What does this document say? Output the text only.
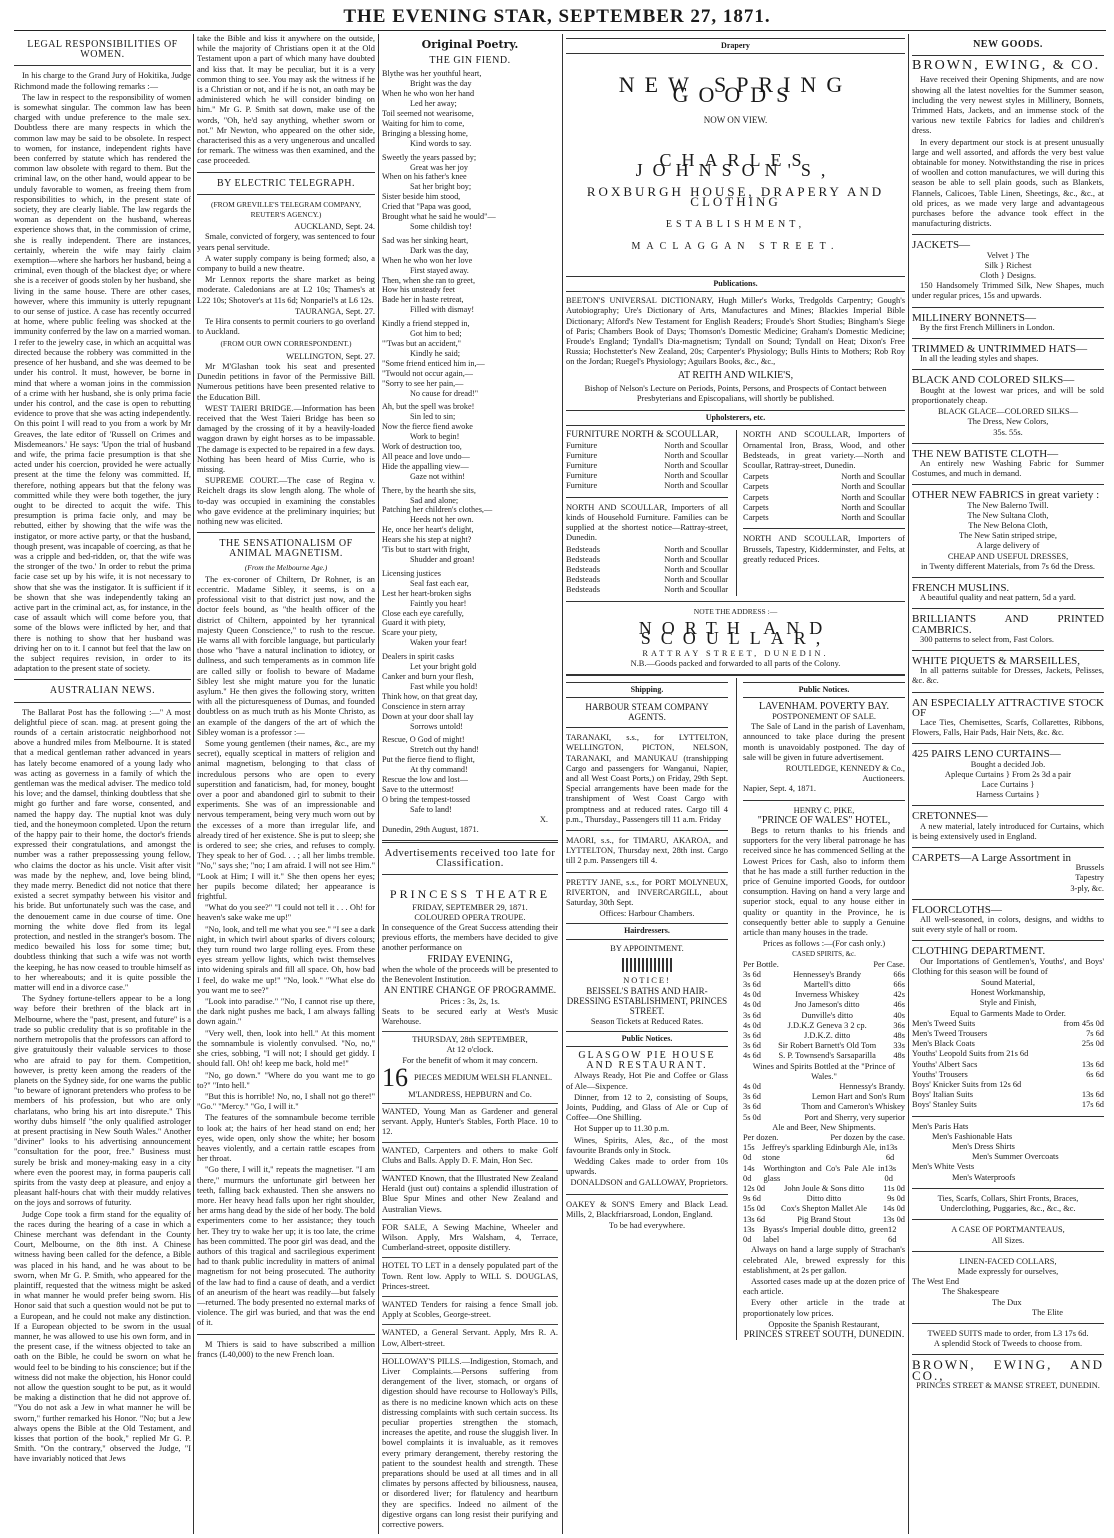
THE EVENING STAR, SEPTEMBER 27, 1871.
LEGAL RESPONSIBILITIES OF WOMEN.

In his charge to the Grand Jury of Hokitika, Judge Richmond made the following remarks :—

The law in respect to the responsibility of women is somewhat singular. The common law has been charged with undue preference to the male sex. Doubtless there are many respects in which the common law may be said to be obsolete. In respect to women, for instance, independent rights have been conferred by statute which has rendered the common law obsolete with regard to them. But the criminal law, on the other hand, would appear to be unduly favorable to women, as freeing them from responsibilities to which, in the present state of society, they are clearly liable. The law regards the woman as dependent on the husband, whereas experience shows that, in the commission of crime, she is really independent. There are instances, certainly, wherein the wife may fairly claim exemption—where she harbors her husband, being a criminal, even though of the blackest dye; or where she is a receiver of goods stolen by her husband, she living in the same house. There are other cases, however, where this immunity is utterly repugnant to our sense of justice. A case has recently occurred at home, where public feeling was shocked at the immunity conferred by the law on a married woman. I refer to the jewelry case, in which an acquittal was directed because the robbery was committed in the presence of her husband, and she was deemed to be under his control. It must, however, be borne in mind that where a woman joins in the commission of a crime with her husband, she is only prima facie under his control, and the case is open to rebutting evidence to prove that she was acting independently. On this point I will read to you from a work by Mr Greaves, the late editor of 'Russell on Crimes and Misdemeanors.' He says: 'Upon the trial of husband and wife, the prima facie presumption is that she acted under his coercion, provided he were actually present at the time the felony was committed. If, therefore, nothing appears but that the felony was committed while they were both together, the jury ought to be directed to acquit the wife. This presumption is prima facie only, and may be rebutted, either by showing that the wife was the instigator, or more active party, or that the husband, though present, was incapable of coercing, as that he was a cripple and bed-ridden, or, that the wife was the stronger of the two.' In order to rebut the prima facie case set up by his wife, it is not necessary to show that she was the instigator. It is sufficient if it be shown that she was independently taking an active part in the criminal act, as, for instance, in the case of assault which will come before you, that some of the blows were inflicted by her, and that there is nothing to show that her husband was driving her on to it. I cannot but feel that the law on the subject requires revision, in order to its adaptation to the present state of society.

AUSTRALIAN NEWS.

The Ballarat Post has the following :—" A most delightful piece of scan. mag. at present going the rounds of a certain aristocratic neighborhood not above a hundred miles from Melbourne. It is stated that a medical gentleman rather advanced in years has lately become enamored of a young lady who was acting as governess in a family of which the gentleman was the medical adviser. The medico told his love; and the damsel, thinking doubtless that she might go further and fare worse, consented, and named the happy day. The nuptial knot was duly tied, and the honeymoon completed. Upon the return of the happy pair to their home, the doctor's friends expressed their congratulations, and amongst the number was a rather prepossessing young fellow, who claims the doctor as his uncle. Visit after visit was made by the nephew, and, love being blind, they made merry. Benedict did not notice that there existed a secret sympathy between his visitor and his bride. But unfortunately such was the case, and the denouement came in due course of time. One morning the white dove fled from its legal protection, and nestled in the stranger's bosom. The medico bewailed his loss for some time; but, doubtless thinking that such a wife was not worth the keeping, he has now ceased to trouble himself as to her whereabouts; and it is quite possible the matter will end in a divorce case."

The Sydney fortune-tellers appear to be a long way before their brethren of the black art in Melbourne, where the "past, present, and future" is a trade so public credulity that is so profitable in the northern metropolis that the professors can afford to give gratuitously their valuable services to those who are afraid to pay for them. Competition, however, is pretty keen among the readers of the planets on the Sydney side, for one warns the public "to beware of ignorant pretenders who profess to be members of his profession, but who are only charlatans, who bring his art into disrepute." This worthy dubs himself "the only qualified astrologer at present practising in New South Wales." Another "diviner" looks to his advertising announcement "consultation for the poor, free." Business must surely be brisk and money-making easy in a city where even the poorest may, in forma pauperis call spirits from the vasty deep at pleasure, and enjoy a pleasant half-hours chat with their muddy relatives on the joys and sorrows of futurity.

Judge Cope took a firm stand for the equality of the races during the hearing of a case in which a Chinese merchant was defendant in the County Court, Melbourne, on the 8th inst. A Chinese witness having been called for the defence, a Bible was placed in his hand, and he was about to be sworn, when Mr G. P. Smith, who appeared for the plaintiff, requested that the witness might be asked in what manner he would prefer being sworn. His Honor said that such a question would not be put to a European, and he could not make any distinction. If a European objected to be sworn in the usual manner, he was allowed to use his own form, and in the present case, if the witness objected to take an oath on the Bible, he could be sworn on what he would feel to be binding to his conscience; but if the witness did not make the objection, his Honor could not allow the question sought to be put, as it would be making a distinction that he did not approve of. "You do not ask a Jew in what manner he will be sworn," further remarked his Honor. "No; but a Jew always opens the Bible at the Old Testament, and kisses that portion of the book," replied Mr G. P. Smith. "On the contrary," observed the Judge, "I have invariably noticed that Jews

take the Bible and kiss it anywhere on the outside, while the majority of Christians open it at the Old Testament upon a part of which many have doubted and kiss that. It may be peculiar, but it is a very common thing to see. You may ask the witness if he is a Christian or not, and if he is not, an oath may be administered which he will consider binding on him." Mr G. P. Smith sat down, make use of the words, "Oh, he'd say anything, whether sworn or not." Mr Newton, who appeared on the other side, characterised this as a very ungenerous and uncalled for remark. The witness was then examined, and the case proceeded.

BY ELECTRIC TELEGRAPH.
(FROM GREVILLE'S TELEGRAM COMPANY, REUTER'S AGENCY.)
AUCKLAND, Sept. 24.

Smale, convicted of forgery, was sentenced to four years penal servitude.

A water supply company is being formed; also, a company to build a new theatre.

Mr Lennox reports the share market as being moderate. Caledonians are at L2 10s; Thames's at L22 10s; Shotover's at 11s 6d; Nonpariel's at L6 12s.

TAURANGA, Sept. 27.

Te Hira consents to permit couriers to go overland to Auckland.

(FROM OUR OWN CORRESPONDENT.)
WELLINGTON, Sept. 27.

Mr M'Glashan took his seat and presented Dunedin petitions in favor of the Permissive Bill. Numerous petitions have been presented relative to the Education Bill.

WEST TAIERI BRIDGE.—Information has been received that the West Taieri Bridge has been so damaged by the crossing of it by a heavily-loaded waggon drawn by eight horses as to be impassable. The damage is expected to be repaired in a few days. Nothing has been heard of Miss Currie, who is missing.

SUPREME COURT.—The case of Regina v. Reichelt drags its slow length along. The whole of to-day was occupied in examining the constables who gave evidence at the preliminary inquiries; but nothing new was elicited.

THE SENSATIONALISM OF ANIMAL MAGNETISM.
(From the Melbourne Age.)

The ex-coroner of Chiltern, Dr Rohner, is an eccentric. Madame Sibley, it seems, is on a professional visit to that district just now, and the doctor feels bound, as "the health officer of the district of Chiltern, appointed by her tyrannical majesty Queen Conscience," to rush to the rescue. He warns all with forcible language, but particularly those who "have a natural inclination to idiotcy, or dullness, and such temperaments as in common life are called silly or foolish to beware of Madame Sibley lest she might mature you for the lunatic asylum." He then gives the following story, written with all the picturesqueness of Dumas, and founded doubtless on as much truth as his Monte Christo, as an example of the dangers of the art of which the Sibley woman is a professor :—

Some young gentlemen (their names, &c., are my secret), equally sceptical in matters of religion and animal magnetism, belonging to that class of incredulous persons who are open to every superstition and fanaticism, had, for money, bought over a poor and abandoned girl to submit to their experiments. She was of an impressionable and nervous temperament, being very much worn out by the excesses of a more than irregular life, and already tired of her existence. She is put to sleep; she is ordered to see; she cries, and refuses to comply. They speak to her of God. . . ; all her limbs tremble. "No," says she; "no; I am afraid. I will not see Him." "Look at Him; I will it." She then opens her eyes; her pupils become dilated; her appearance is frightful.

"What do you see?" "I could not tell it . . . Oh! for heaven's sake wake me up!"

"No, look, and tell me what you see." "I see a dark night, in which twirl about sparks of divers colours; they turn round two large rolling eyes. From these eyes stream yellow lights, which twist themselves into widening spirals and fill all space. Oh, how bad I feel, do wake me up!" "No, look." "What else do you want me to see?"

"Look into paradise." "No, I cannot rise up there, the dark night pushes me back, I am always falling down again."

"Very well, then, look into hell." At this moment the somnambule is violently convulsed. "No, no," she cries, sobbing, "I will not; I should get giddy. I should fall. Oh! oh! keep me back, hold me!"

"No, go down." "Where do you want me to go to?" "Into hell."

"But this is horrible! No, no, I shall not go there!" "Go." "Mercy." "Go, I will it."

The features of the somnambule become terrible to look at; the hairs of her head stand on end; her eyes, wide open, only show the white; her bosom heaves violently, and a certain rattle escapes from her throat.

"Go there, I will it," repeats the magnetiser. "I am there," murmurs the unfortunate girl between her teeth, falling back exhausted. Then she answers no more. Her heavy head falls upon her right shoulder, her arms hang dead by the side of her body. The bold experimenters come to her assistance; they touch her. They try to wake her up; it is too late, the crime has been committed. The poor girl was dead, and the authors of this tragical and sacrilegious experiment had to thank public incredulity in matters of animal magnetism for not being prosecuted. The authority of the law had to find a cause of death, and a verdict of an aneurism of the heart was readily—but falsely—returned. The body presented no external marks of violence. The girl was buried, and that was the end of it.

M Thiers is said to have subscribed a million francs (L40,000) to the new French loan.

Original Poetry.
THE GIN FIEND.
Blythe was her youthful heart,
Bright was the day
When he who won her hand
Led her away;
Toil seemed not wearisome,
Waiting for him to come,
Bringing a blessing home,
Kind words to say.
Sweetly the years passed by;
Great was her joy
When on his father's knee
Sat her bright boy;
Sister beside him stood,
Cried that "Papa was good,
Brought what he said he would"—
Some childish toy!
Sad was her sinking heart,
Dark was the day,
When he who won her love
First stayed away.
Then, when she ran to greet,
How his unsteady feet
Bade her in haste retreat,
Filled with dismay!
Kindly a friend stepped in,
Got him to bed;
"'Twas but an accident,"
Kindly he said;
"Some friend enticed him in,—
"Twould not occur again,—
"Sorry to see her pain,—
No cause for dread!"
Ah, but the spell was broke!
Sin led to sin;
Now the fierce fiend awoke
Work to begin!
Work of destruction too,
All peace and love undo—
Hide the appalling view—
Gaze not within!
There, by the hearth she sits,
Sad and alone;
Patching her children's clothes,—
Heeds not her own.
He, once her heart's delight,
Hears she his step at night?
'Tis but to start with fright,
Shudder and groan!
Licensing justices
Seal fast each ear,
Lest her heart-broken sighs
Faintly you hear!
Close each eye carefully,
Guard it with piety,
Scare your piety,
Waken your fear!
Dealers in spirit casks
Let your bright gold
Canker and burn your flesh,
Fast while you hold!
Think how, on that great day,
Conscience in stern array
Down at your door shall lay
Sorrows untold!
Rescue, O God of might!
Stretch out thy hand!
Put the fierce fiend to flight,
At thy command!
Rescue the low and lost—
Save to the uttermost!
O bring the tempest-tossed
Safe to land!
X.
Dunedin, 29th August, 1871.
Advertisements received too late for Classification.
PRINCESS THEATRE
FRIDAY, SEPTEMBER 29, 1871.
COLOURED OPERA TROUPE.

In consequence of the Great Success attending their previous efforts, the members have decided to give another performance on

FRIDAY EVENING,

when the whole of the proceeds will be presented to the Benevolent Institution.

AN ENTIRE CHANGE OF PROGRAMME.
Prices : 3s, 2s, 1s.

Seats to be secured early at West's Music Warehouse.

THURSDAY, 28th SEPTEMBER,
At 12 o'clock.
For the benefit of whom it may concern.
16 PIECES MEDIUM WELSH FLANNEL.
M'LANDRESS, HEPBURN and Co.

WANTED, Young Man as Gardener and general servant. Apply, Hunter's Stables, Forth Place. 10 to 12.

WANTED, Carpenters and others to make Golf Clubs and Balls. Apply D. F. Main, Hon Sec.

WANTED Known, that the Illustrated New Zealand Herald (just out) contains a splendid illustration of Blue Spur Mines and other New Zealand and Australian Views.

FOR SALE, A Sewing Machine, Wheeler and Wilson. Apply, Mrs Walsham, 4, Terrace, Cumberland-street, opposite distillery.

HOTEL TO LET in a densely populated part of the Town. Rent low. Apply to WILL S. DOUGLAS, Princes-street.

WANTED Tenders for raising a fence Small job. Apply at Scobles, George-street.

WANTED, a General Servant. Apply, Mrs R. A. Low, Albert-street.

HOLLOWAY'S PILLS.—Indigestion, Stomach, and Liver Complaints.—Persons suffering from derangement of the liver, stomach, or organs of digestion should have recourse to Holloway's Pills, as there is no medicine known which acts on these distressing complaints with such certain success. Its peculiar properties strengthen the stomach, increases the apetite, and rouse the sluggish liver. In bowel complaints it is invaluable, as it removes every primary derangement, thereby restoring the patient to the soundest health and strength. These preparations should be used at all times and in all climates by persons affected by biliousness, nausea, or disordered liver; for flatulency and heartburn they are specifics. Indeed no ailment of the digestive organs can long resist their purifying and corrective powers.

Drapery
NEW SPRING GOODS
NOW ON VIEW.
CHARLES JOHNSON'S,
ROXBURGH HOUSE, DRAPERY AND CLOTHING
ESTABLISHMENT,
MACLAGGAN STREET.
Publications.

BEETON'S UNIVERSAL DICTIONARY, Hugh Miller's Works, Tredgolds Carpentry; Gough's Autobiography; Ure's Dictionary of Arts, Manufactures and Mines; Blackies Imperial Bible Dictionary; Alford's New Testament for English Readers; Froude's Short Studies; Bingham's Siege of Paris; Chambers Book of Days; Thomson's Domestic Medicine; Graham's Domestic Medicine; Froude's England; Tyndall's Dia-magnetism; Tyndall on Sound; Tyndall on Heat; Dixon's Free Russia; Hochstetter's New Zealand, 20s; Carpenter's Physiology; Bulls Hints to Mothers; Rob Roy on the Jordan; Ruegel's Physiology; Aguilars Books, &c., &c.,

AT REITH AND WILKIE'S,

Bishop of Nelson's Lecture on Periods, Points, Persons, and Prospects of Contact between Presbyterians and Episcopalians, will shortly be published.

Upholsterers, etc.
FURNITURE NORTH & SCOULLAR,
Furniture	North and Scoullar
Furniture	North and Scoullar
Furniture	North and Scoullar
Furniture	North and Scoullar
Furniture	North and Scoullar

NORTH AND SCOULLAR, Importers of all kinds of Household Furniture. Families can be supplied at the shortest notice—Rattray-street, Dunedin.

Bedsteads	North and Scoullar
Bedsteads	North and Scoullar
Bedsteads	North and Scoullar
Bedsteads	North and Scoullar
Bedsteads	North and Scoullar

NORTH AND SCOULLAR, Importers of Ornamental Iron, Brass, Wood, and other Bedsteads, in great variety.—North and Scoullar, Rattray-street, Dunedin.

Carpets	North and Scoullar
Carpets	North and Scoullar
Carpets	North and Scoullar
Carpets	North and Scoullar
Carpets	North and Scoullar

NORTH AND SCOULLAR, Importers of Brussels, Tapestry, Kidderminster, and Felts, at greatly reduced Prices.

NOTE THE ADDRESS :—
NORTH AND SCOULLAR,
RATTRAY STREET, DUNEDIN.
N.B.—Goods packed and forwarded to all parts of the Colony.
Shipping.
HARBOUR STEAM COMPANY AGENTS.

TARANAKI, s.s., for LYTTELTON, WELLINGTON, PICTON, NELSON, TARANAKI, and MANUKAU (transhipping Cargo and passengers for Wanganui, Napier, and all West Coast Ports,) on Friday, 29th Sept. Special arrangements have been made for the transhipment of West Coast Cargo with promptness and at reduced rates. Cargo till 4 p.m., Thursday., Passengers till 11 a.m. Friday

MAORI, s.s., for TIMARU, AKAROA, and LYTTELTON, Thursday next, 28th inst. Cargo till 2 p.m. Passengers till 4.

PRETTY JANE, s.s., for PORT MOLYNEUX, RIVERTON, and INVERCARGILL, about Saturday, 30th Sept.

Offices: Harbour Chambers.
Hairdressers.
BY APPOINTMENT.
NOTICE!
BEISSEL'S BATHS AND HAIR-DRESSING ESTABLISHMENT, PRINCES STREET.
Season Tickets at Reduced Rates.
Public Notices.
GLASGOW PIE HOUSE AND RESTAURANT.

Always Ready, Hot Pie and Coffee or Glass of Ale—Sixpence.

Dinner, from 12 to 2, consisting of Soups, Joints, Pudding, and Glass of Ale or Cup of Coffee—One Shilling.

Hot Supper up to 11.30 p.m.

Wines, Spirits, Ales, &c., of the most favourite Brands only in Stock.

Wedding Cakes made to order from 10s upwards.

DONALDSON and GALLOWAY, Proprietors.

OAKEY & SON'S Emery and Black Lead. Mills, 2, Blackfriarsroad, London, England.

To be had everywhere.
Public Notices.
LAVENHAM. POVERTY BAY.
POSTPONEMENT OF SALE.

The Sale of Land in the parish of Lavenham, announced to take place during the present month is unavoidably postponed. The day of sale will be given in future advertisement.

ROUTLEDGE, KENNEDY & Co., Auctioneers.
Napier, Sept. 4, 1871.
HENRY C. PIKE,
"PRINCE OF WALES" HOTEL,

Begs to return thanks to his friends and supporters for the very liberal patronage he has received since he has commenced Selling at the Lowest Prices for Cash, also to inform them that he has made a still further reduction in the price of Genuine imported Goods, for outdoor consumption. Having on hand a very large and superior stock, equal to any house either in quality or quantity in the Province, he is consequently better able to supply a Genuine article than many houses in the trade.

Prices as follows :—(For cash only.)
CASED SPIRITS, &c.
Per Bottle.	Per Case.
3s 6d	Hennessey's Brandy	66s
3s 6d	Martell's ditto	66s
4s 0d	Inverness Whiskey	42s
4s 0d	Jno Jameson's ditto	46s
3s 6d	Dunville's ditto	40s
4s 0d	J.D.K.Z Geneva 3 2 cp.	36s
3s 6d	J.D.K.Z. ditto	48s
3s 6d Sir Robert Barnett's Old Tom 33s
4s 6d S. P. Townsend's Sarsaparilla 48s
Wines and Spirits Bottled at the "Prince of Wales."
4s 0d	Hennessy's Brandy.
3s 6d	Lemon Hart and Son's Rum
3s 6d	Thom and Cameron's Whiskey
5s 0d	Port and Sherry, very superior
Ale and Beer, New Shipments.
Per dozen.	Per dozen by the case.
15s 0d
Jeffrey's sparkling Edinburgh Ale, in stone
13s 6d
14s 0d
Worthington and Co's Pale Ale in glass
13s 0d
12s 0d John Joule & Sons ditto 11s 0d
9s 6d	Ditto ditto	9s 0d
15s 0d Cox's Shepton Mallet Ale 14s 0d
13s 6d	Pig Brand Stout	13s 0d
13s 0d
Byass's Imperial double ditto, green label
12 6d

Always on hand a large supply of Strachan's celebrated Ale, brewed expressly for this establishment, at 2s per gallon.

Assorted cases made up at the dozen price of each article.

Every other article in the trade at proportionately low prices.

Opposite the Spanish Restaurant,
PRINCES STREET SOUTH, DUNEDIN.
NEW GOODS.
BROWN, EWING, & CO.

Have received their Opening Shipments, and are now showing all the latest novelties for the Summer season, including the very newest styles in Millinery, Bonnets, Trimmed Hats, Jackets, and an immense stock of the various new textile Fabrics for ladies and children's dress.

In every department our stock is at present unusually large and well assorted, and affords the very best value obtainable for money. Notwithstanding the rise in prices of woollen and cotton manufactures, we will during this season be able to sell plain goods, such as Blankets, Flannels, Calicoes, Table Linen, Sheetings, &c., &c., at old prices, as we made very large and advantageous purchases before the advance took effect in the manufacturing districts.

JACKETS—
Velvet } The
Silk } Richest
Cloth } Designs.

150 Handsomely Trimmed Silk, New Shapes, much under regular prices, 15s and upwards.

MILLINERY BONNETS—

By the first French Milliners in London.

TRIMMED & UNTRIMMED HATS—

In all the leading styles and shapes.

BLACK AND COLORED SILKS—

Bought at the lowest war prices, and will be sold proportionately cheap.

BLACK GLACE—COLORED SILKS—
The Dress, New Colors,
35s. 55s.
THE NEW BATISTE CLOTH—

An entirely new Washing Fabric for Summer Costumes, and much in demand.

OTHER NEW FABRICS in great variety :
The New Balerno Twill.
The New Sultana Cloth,
The New Belona Cloth,
The New Satin striped stripe,
A large delivery of
CHEAP AND USEFUL DRESSES,
in Twenty different Materials, from 7s 6d the Dress.
FRENCH MUSLINS.

A beautiful quality and neat pattern, 5d a yard.

BRILLIANTS AND PRINTED CAMBRICS.

300 patterns to select from, Fast Colors.

WHITE PIQUETS & MARSEILLES,

In all patterns suitable for Dresses, Jackets, Pelisses, &c. &c.

AN ESPECIALLY ATTRACTIVE STOCK OF

Lace Ties, Chemisettes, Scarfs, Collarettes, Ribbons, Flowers, Falls, Hair Pads, Hair Nets, &c. &c.

425 PAIRS LENO CURTAINS—
Bought a decided Job.
Apleque Curtains } From 2s 3d a pair
Lace Curtains }
Harness Curtains }
CRETONNES—

A new material, lately introduced for Curtains, which is being extensively used in England.

CARPETS—A Large Assortment in
Brussels
Tapestry
3-ply, &c.
FLOORCLOTHS—

All well-seasoned, in colors, designs, and widths to suit every style of hall or room.

CLOTHING DEPARTMENT.

Our Importations of Gentlemen's, Youths', and Boys' Clothing for this season will be found of

Sound Material,
Honest Workmanship,
Style and Finish,
Equal to Garments Made to Order.
Men's Tweed Suits	from 45s 0d
Men's Tweed Trousers	7s 6d
Men's Black Coats	25s 0d
Youths' Leopold Suits from 21s 6d
Youths' Albert Sacs	13s 6d
Youths' Trousers	6s 6d
Boys' Knicker Suits from 12s 6d
Boys' Italian Suits	13s 6d
Boys' Stanley Suits	17s 6d
Men's Paris Hats
Men's Fashionable Hats
Men's Dress Shirts
Men's Summer Overcoats
Men's White Vests
Men's Waterproofs

Ties, Scarfs, Collars, Shirt Fronts, Braces, Underclothing, Puggaries, &c., &c., &c.

A CASE OF PORTMANTEAUS,
All Sizes.
LINEN-FACED COLLARS,
Made expressly for ourselves,
The West End
The Shakespeare
The Dux
The Elite
TWEED SUITS made to order, from L3 17s 6d.
A splendid Stock of Tweeds to choose from.
BROWN, EWING, AND CO.,
PRINCES STREET & MANSE STREET, DUNEDIN.
